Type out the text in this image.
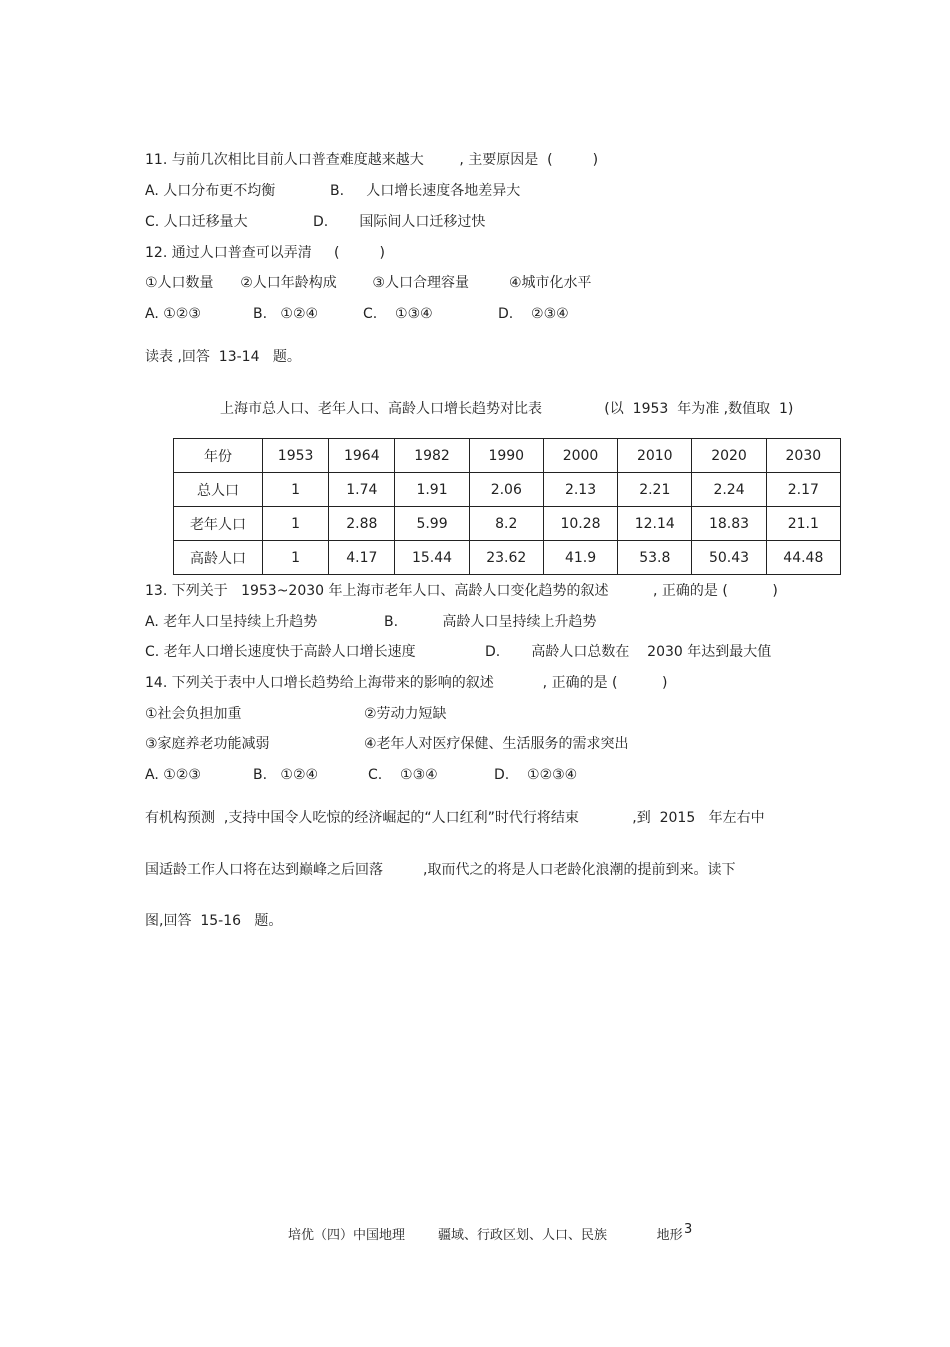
11. 与前几次相比目前人口普查难度越来越大        , 主要原因是  (         )
A. 人口分布更不均衡	B.     人口增长速度各地差异大
C. 人口迁移量大	D.       国际间人口迁移过快
12. 通过人口普查可以弄清     (         )
①人口数量      ②人口年龄构成        ③人口合理容量         ④城市化水平
A. ①②③	B.   ①②④	C.    ①③④	D.    ②③④
读表 ,回答  13-14   题。
上海市总人口、老年人口、高龄人口增长趋势对比表              (以  1953  年为准 ,数值取  1)
年份	1953	1964	1982	1990	2000	2010	2020	2030
总人口	1	1.74	1.91	2.06	2.13	2.21	2.24	2.17
老年人口	1	2.88	5.99	8.2	10.28	12.14	18.83	21.1
高龄人口	1	4.17	15.44	23.62	41.9	53.8	50.43	44.48
13. 下列关于   1953~2030 年上海市老年人口、高龄人口变化趋势的叙述          , 正确的是 (          )
A. 老年人口呈持续上升趋势	B.          高龄人口呈持续上升趋势
C. 老年人口增长速度快于高龄人口增长速度	D.       高龄人口总数在    2030 年达到最大值
14. 下列关于表中人口增长趋势给上海带来的影响的叙述           , 正确的是 (          )
①社会负担加重	②劳动力短缺
③家庭养老功能减弱	④老年人对医疗保健、生活服务的需求突出
A. ①②③	B.   ①②④	C.    ①③④	D.    ①②③④
有机构预测  ,支持中国令人吃惊的经济崛起的“人口红利”时代行将结束            ,到  2015   年左右中
国适龄工作人口将在达到巅峰之后回落         ,取而代之的将是人口老龄化浪潮的提前到来。读下
图,回答  15-16   题。
培优（四）中国地理        疆域、行政区划、人口、民族            地形 3
